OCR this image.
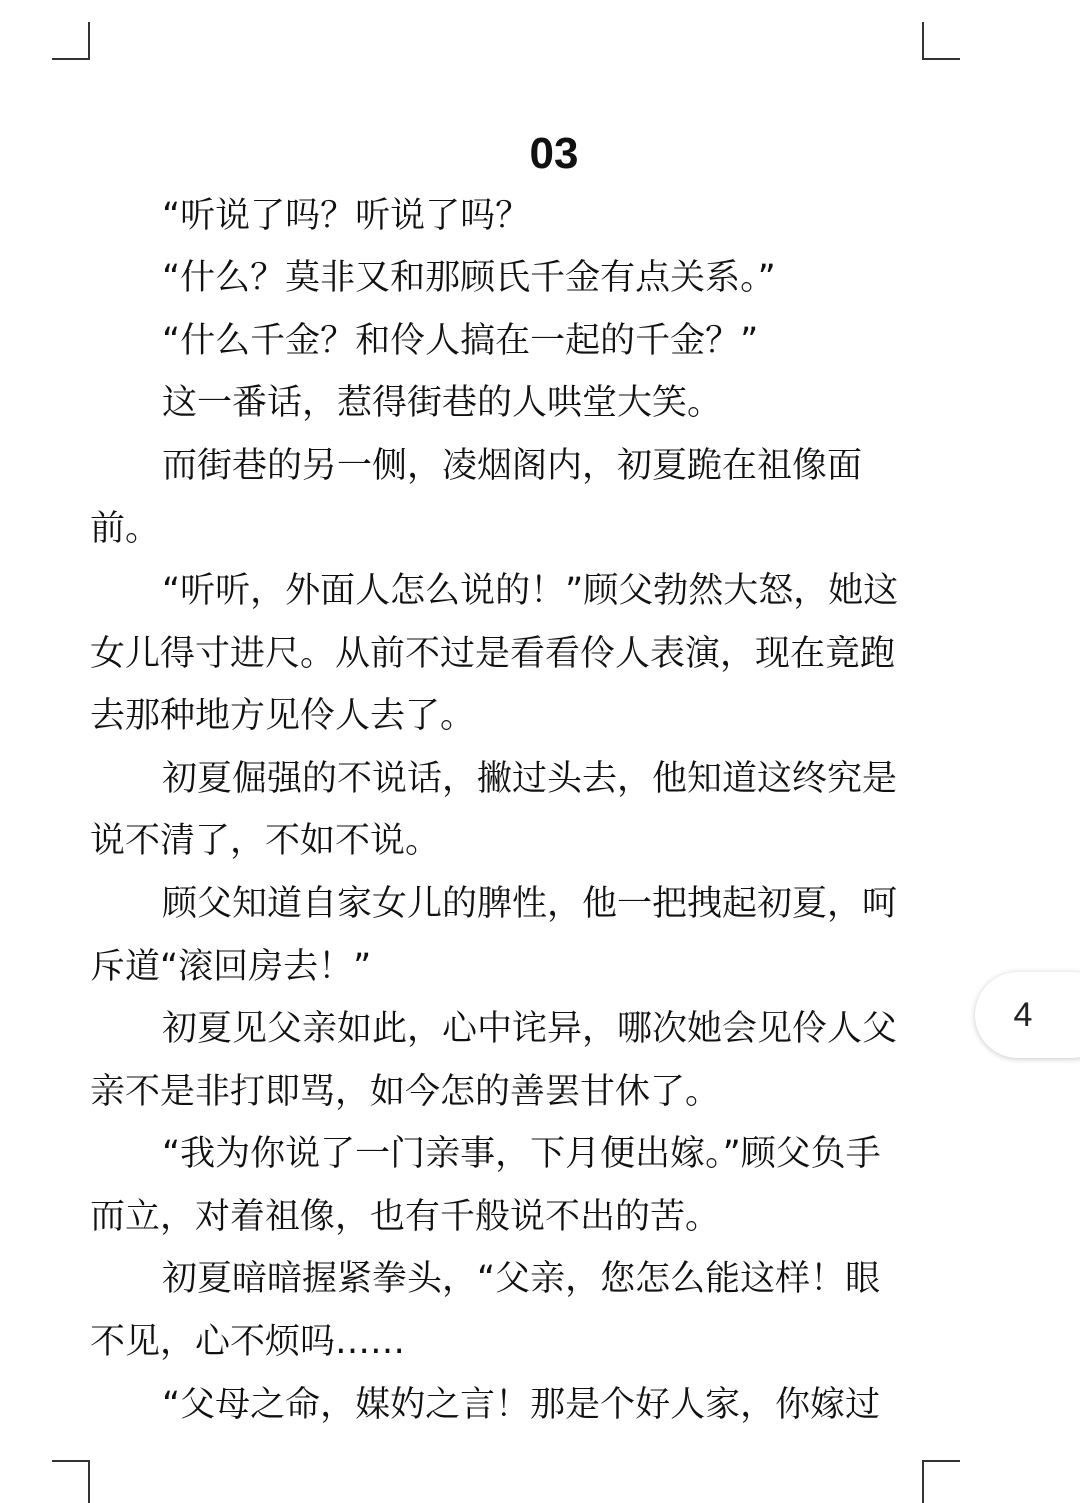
03
“听说了吗？听说了吗？
“什么？莫非又和那顾氏千金有点关系。”
“什么千金？和伶人搞在一起的千金？”
这一番话，惹得街巷的人哄堂大笑。
而街巷的另一侧，凌烟阁内，初夏跪在祖像面
前。
“听听，外面人怎么说的！”顾父勃然大怒，她这
女儿得寸进尺。从前不过是看看伶人表演，现在竟跑
去那种地方见伶人去了。
初夏倔强的不说话，撇过头去，他知道这终究是
说不清了，不如不说。
顾父知道自家女儿的脾性，他一把拽起初夏，呵
斥道“滚回房去！”
初夏见父亲如此，心中诧异，哪次她会见伶人父
亲不是非打即骂，如今怎的善罢甘休了。
“我为你说了一门亲事，下月便出嫁。”顾父负手
而立，对着祖像，也有千般说不出的苦。
初夏暗暗握紧拳头，“父亲，您怎么能这样！眼
不见，心不烦吗……
“父母之命，媒妁之言！那是个好人家，你嫁过
4
